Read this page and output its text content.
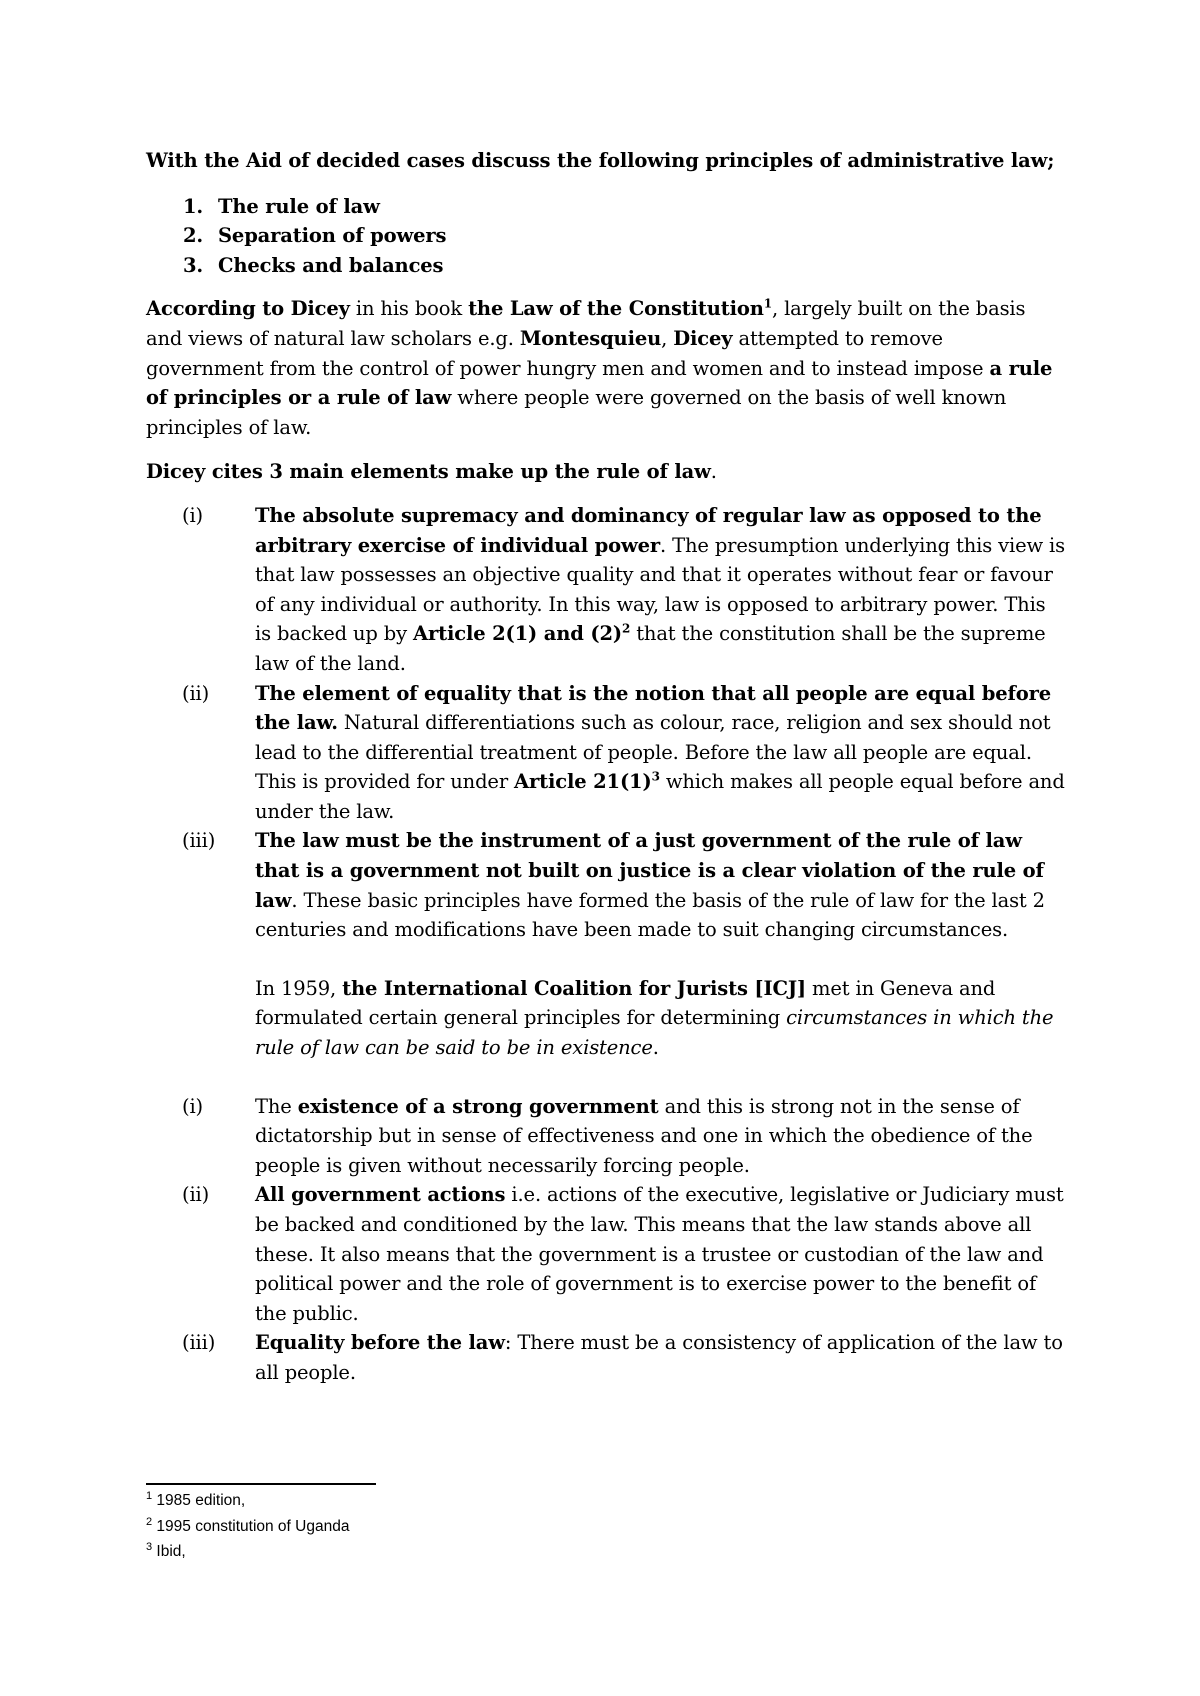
With the Aid of decided cases discuss the following principles of administrative law;

1. The rule of law
2. Separation of powers
3. Checks and balances

According to Dicey in his book the Law of the Constitution$^1$, largely built on the basis and views of natural law scholars e.g. Montesquieu, Dicey attempted to remove government from the control of power hungry men and women and to instead impose a rule of principles or a rule of law where people were governed on the basis of well known principles of law.

Dicey cites 3 main elements make up the rule of law.

(i)	The absolute supremacy and dominancy of regular law as opposed to the arbitrary exercise of individual power. The presumption underlying this view is that law possesses an objective quality and that it operates without fear or favour of any individual or authority. In this way, law is opposed to arbitrary power. This is backed up by Article 2(1) and $(2)^2$ that the constitution shall be the supreme law of the land.
(ii) The element of equality that is the notion that all people are equal before the law. Natural differentiations such as colour, race, religion and sex should not lead to the differential treatment of people. Before the law all people are equal. This is provided for under Article $21(1)^3$ which makes all people equal before and under the law.
(iii) The law must be the instrument of a just government of the rule of law that is a government not built on justice is a clear violation of the rule of law. These basic principles have formed the basis of the rule of law for the last 2 centuries and modifications have been made to suit changing circumstances.

In 1959, the International Coalition for Jurists [ICJ] met in Geneva and formulated certain general principles for determining circumstances in which the rule of law can be said to be in existence.

(i)	The existence of a strong government and this is strong not in the sense of dictatorship but in sense of effectiveness and one in which the obedience of the people is given without necessarily forcing people.
(ii) All government actions i.e. actions of the executive, legislative or Judiciary must be backed and conditioned by the law. This means that the law stands above all these. It also means that the government is a trustee or custodian of the law and political power and the role of government is to exercise power to the benefit of the public.
(iii) Equality before the law: There must be a consistency of application of the law to all people.
$^1$ 1985 edition,
$^2$ 1995 constitution of Uganda
$^3$ Ibid,
